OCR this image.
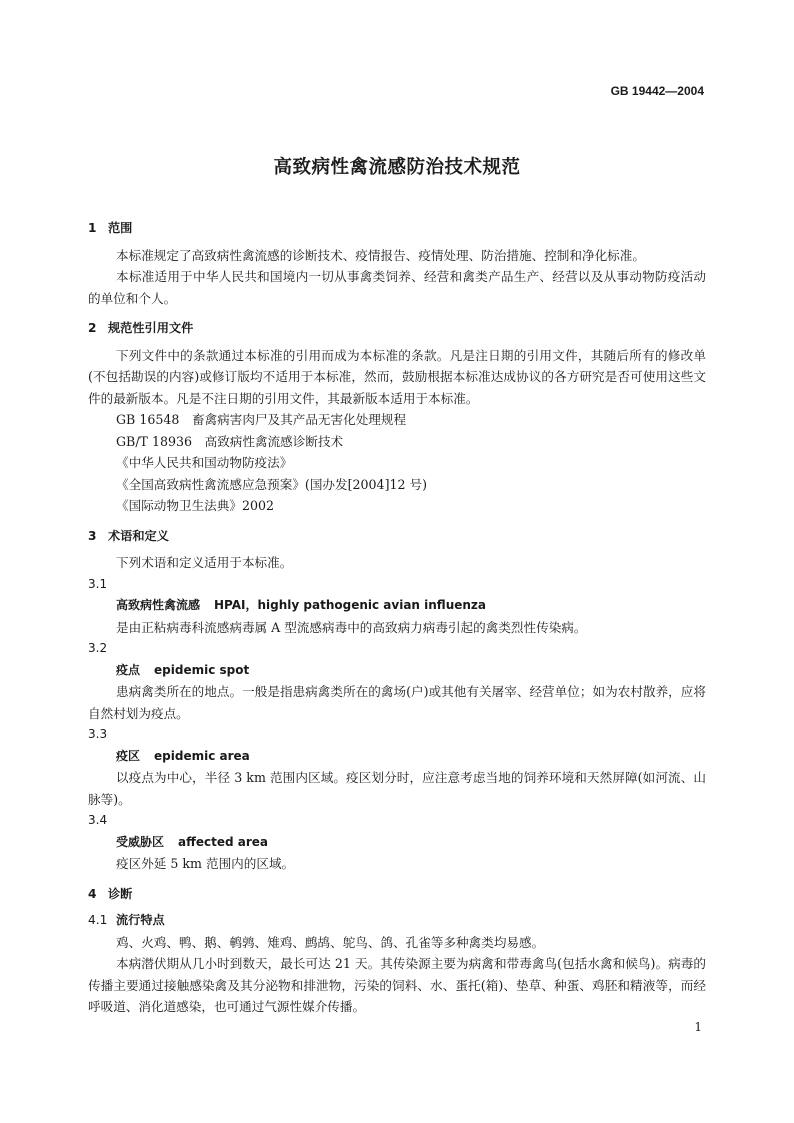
GB 19442—2004
高致病性禽流感防治技术规范

1 范围

本标准规定了高致病性禽流感的诊断技术、疫情报告、疫情处理、防治措施、控制和净化标准。

本标准适用于中华人民共和国境内一切从事禽类饲养、经营和禽类产品生产、经营以及从事动物防疫活动的单位和个人。

2 规范性引用文件

下列文件中的条款通过本标准的引用而成为本标准的条款。凡是注日期的引用文件，其随后所有的修改单(不包括勘误的内容)或修订版均不适用于本标准，然而，鼓励根据本标准达成协议的各方研究是否可使用这些文件的最新版本。凡是不注日期的引用文件，其最新版本适用于本标准。

GB 16548　畜禽病害肉尸及其产品无害化处理规程

GB/T 18936　高致病性禽流感诊断技术

《中华人民共和国动物防疫法》

《全国高致病性禽流感应急预案》(国办发[2004]12 号)

《国际动物卫生法典》2002

3 术语和定义

下列术语和定义适用于本标准。

3.1

高致病性禽流感 HPAI，highly pathogenic avian influenza

是由正粘病毒科流感病毒属 A 型流感病毒中的高致病力病毒引起的禽类烈性传染病。

3.2

疫点 epidemic spot

患病禽类所在的地点。一般是指患病禽类所在的禽场(户)或其他有关屠宰、经营单位；如为农村散养，应将自然村划为疫点。

3.3

疫区 epidemic area

以疫点为中心，半径 3 km 范围内区域。疫区划分时，应注意考虑当地的饲养环境和天然屏障(如河流、山脉等)。

3.4

受威胁区 affected area

疫区外延 5 km 范围内的区域。

4 诊断

4.1 流行特点

鸡、火鸡、鸭、鹅、鹌鹑、雉鸡、鹧鸪、鸵鸟、鸽、孔雀等多种禽类均易感。

本病潜伏期从几小时到数天，最长可达 21 天。其传染源主要为病禽和带毒禽鸟(包括水禽和候鸟)。病毒的传播主要通过接触感染禽及其分泌物和排泄物，污染的饲料、水、蛋托(箱)、垫草、种蛋、鸡胚和精液等，而经呼吸道、消化道感染，也可通过气源性媒介传播。

1
